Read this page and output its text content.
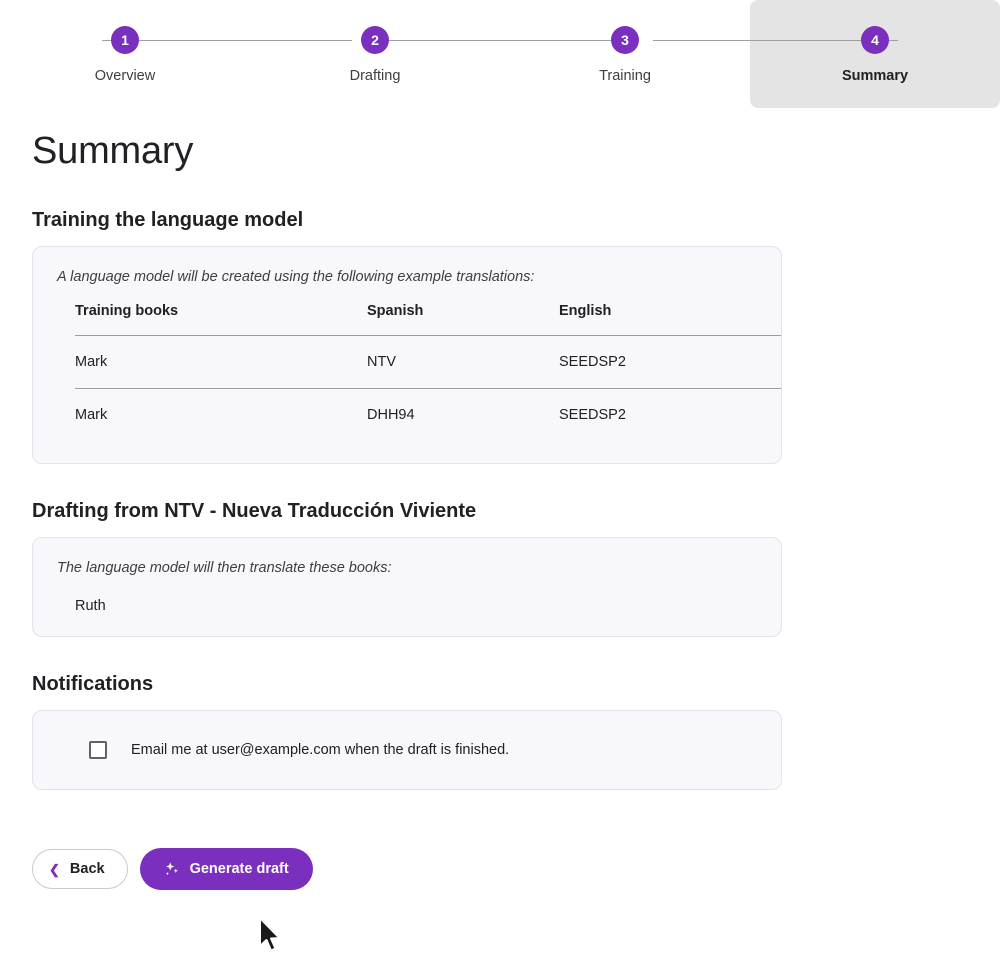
1
Overview
2
Drafting
3
Training
4
Summary
Summary
Training the language model

A language model will be created using the following example translations:

Training books	Spanish	English
Mark	NTV	SEEDSP2
Mark	DHH94	SEEDSP2
Drafting from NTV - Nueva Traducción Viviente

The language model will then translate these books:

Ruth
Notifications
Email me at user@example.com when the draft is finished.
❮ Back	Generate draft
